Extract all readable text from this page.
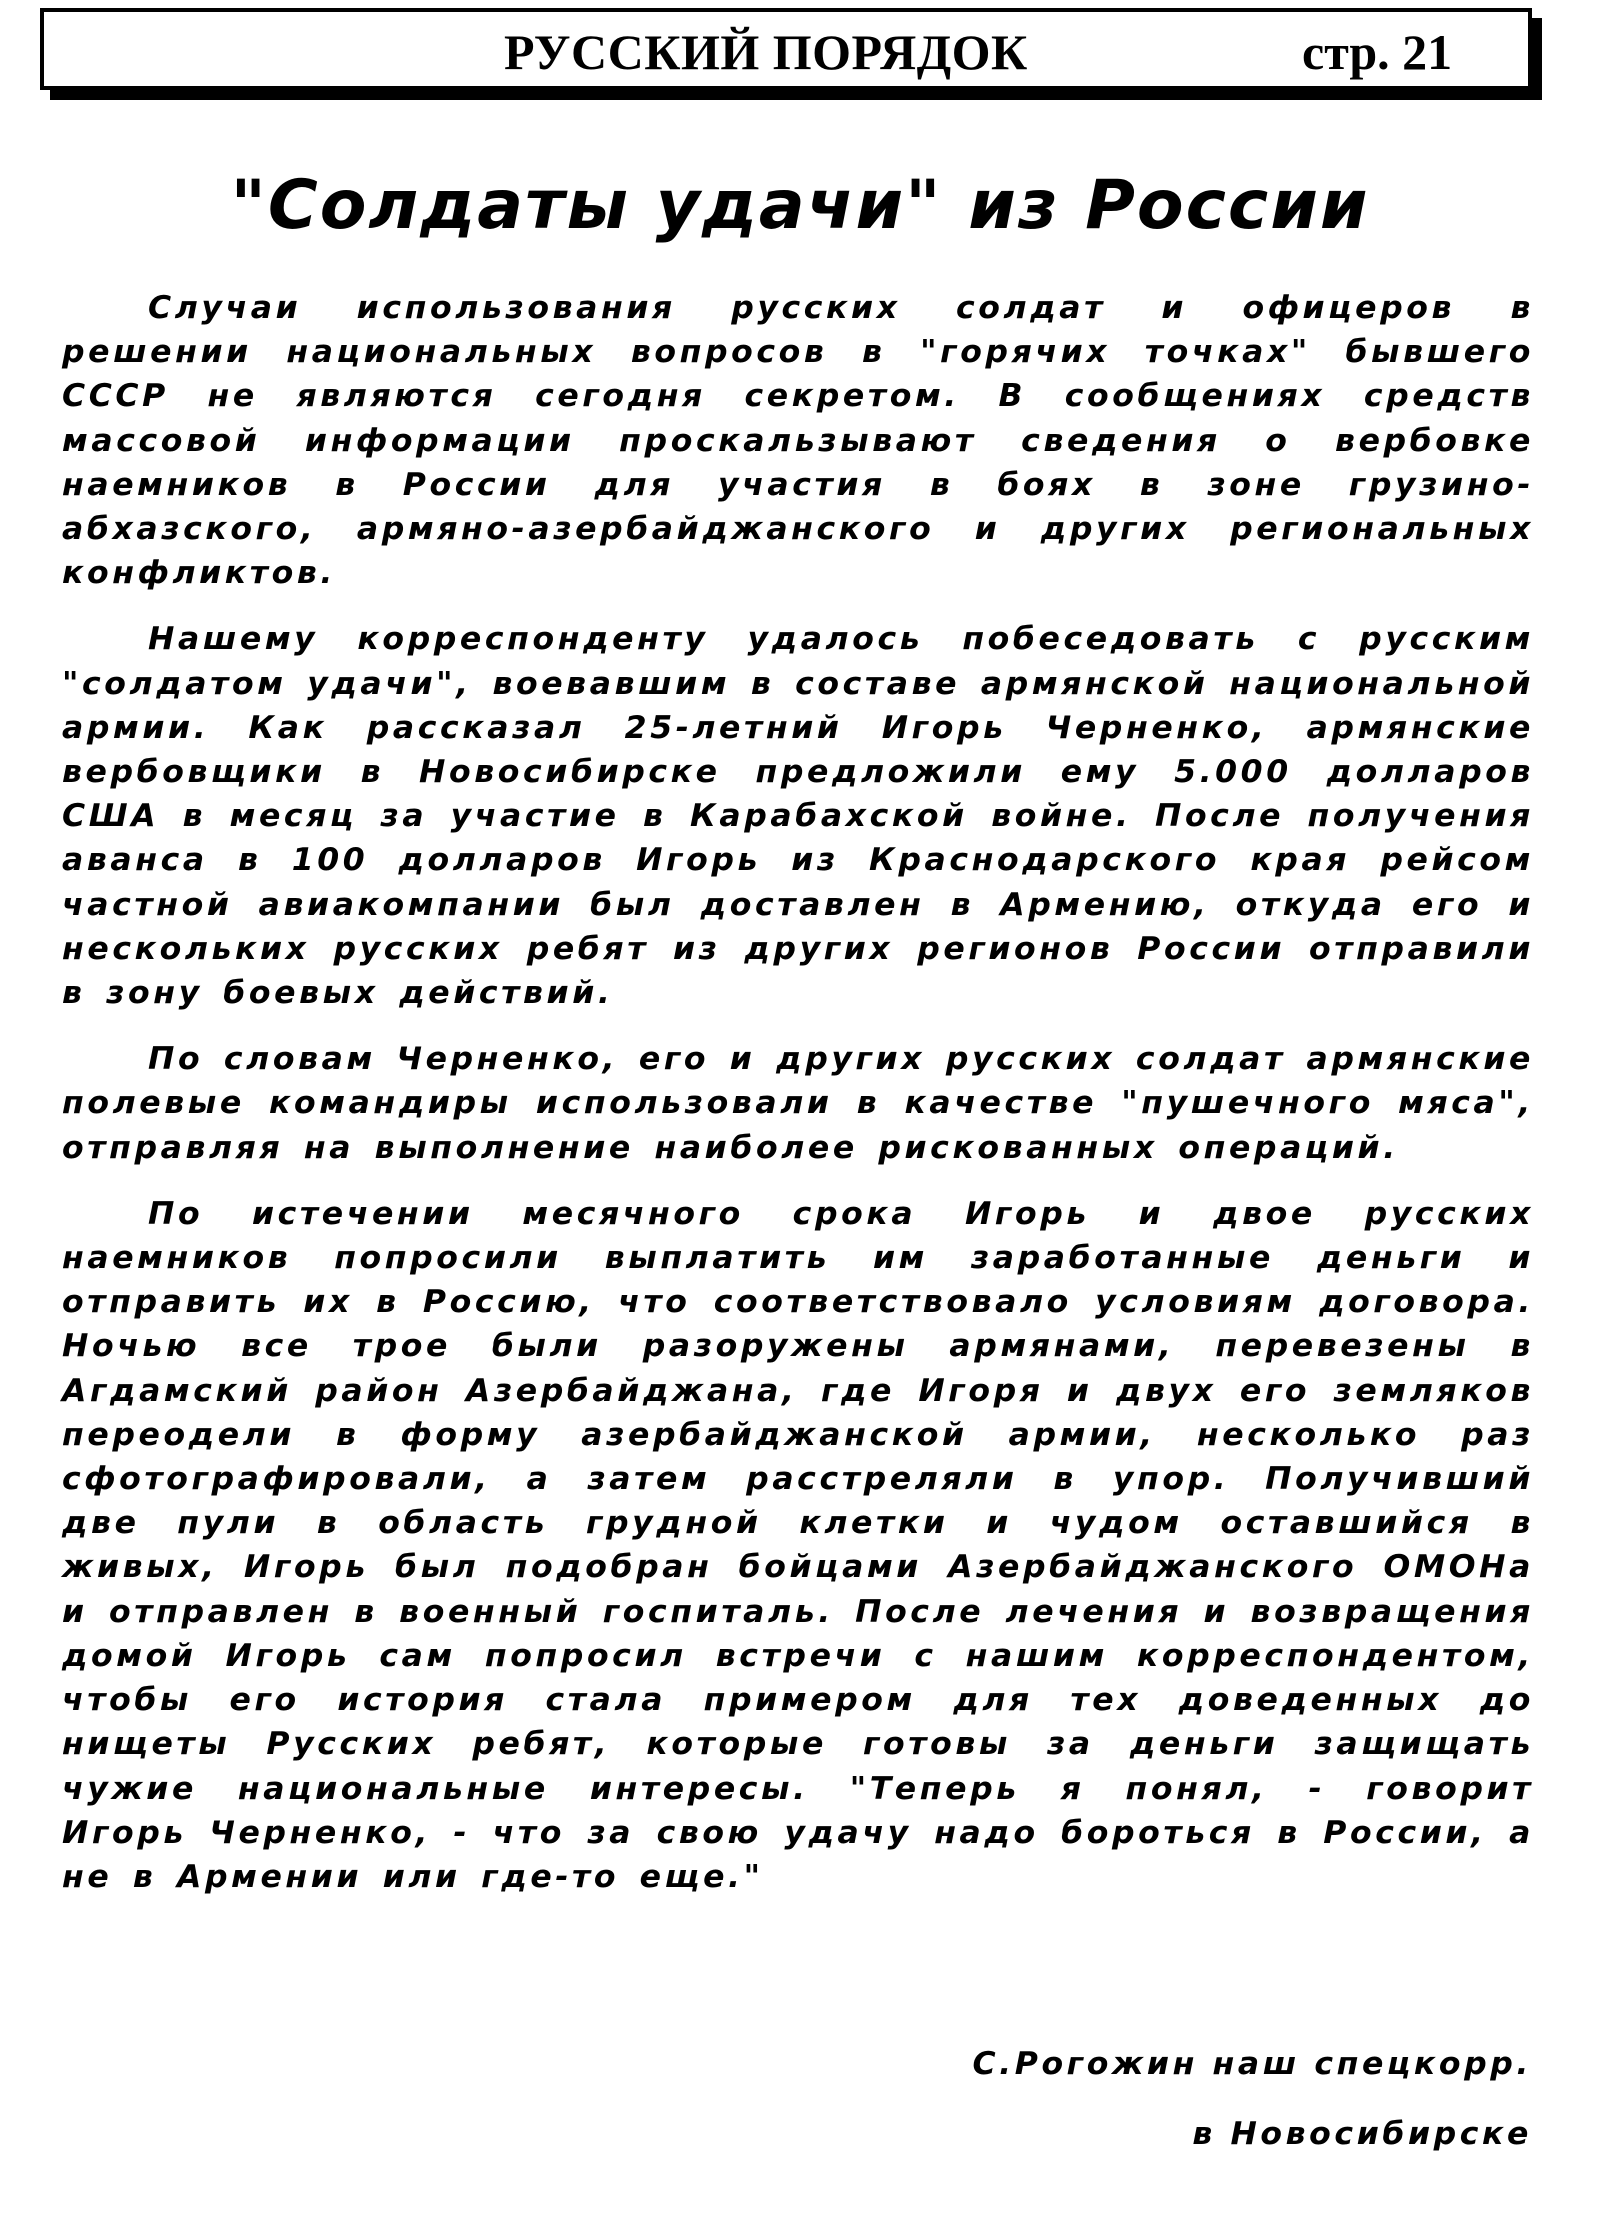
РУССКИЙ ПОРЯДОК	стр. 21
"Солдаты удачи" из России

Случаи использования русских солдат и офицеров в решении национальных вопросов в "горячих точках" бывшего СССР не являются сегодня секретом. В сообщениях средств массовой информации проскальзывают сведения о вербовке наемников в России для участия в боях в зоне грузино-абхазского, армяно-азербайджанского и других региональных конфликтов.

Нашему корреспонденту удалось побеседовать с русским "солдатом удачи", воевавшим в составе армянской национальной армии. Как рассказал 25-летний Игорь Черненко, армянские вербовщики в Новосибирске предложили ему 5.000 долларов США в месяц за участие в Карабахской войне. После получения аванса в 100 долларов Игорь из Краснодарского края рейсом частной авиакомпании был доставлен в Армению, откуда его и нескольких русских ребят из других регионов России отправили в зону боевых действий.

По словам Черненко, его и других русских солдат армянские полевые командиры использовали в качестве "пушечного мяса", отправляя на выполнение наиболее рискованных операций.

По истечении месячного срока Игорь и двое русских наемников попросили выплатить им заработанные деньги и отправить их в Россию, что соответствовало условиям договора. Ночью все трое были разоружены армянами, перевезены в Агдамский район Азербайджана, где Игоря и двух его земляков переодели в форму азербайджанской армии, несколько раз сфотографировали, а затем расстреляли в упор. Получивший две пули в область грудной клетки и чудом оставшийся в живых, Игорь был подобран бойцами Азербайджанского ОМОНа и отправлен в военный госпиталь. После лечения и возвращения домой Игорь сам попросил встречи с нашим корреспондентом, чтобы его история стала примером для тех доведенных до нищеты Русских ребят, которые готовы за деньги защищать чужие национальные интересы. "Теперь я понял, - говорит Игорь Черненко, - что за свою удачу надо бороться в России, а не в Армении или где-то еще."

С.Рогожин наш спецкорр.
в Новосибирске
